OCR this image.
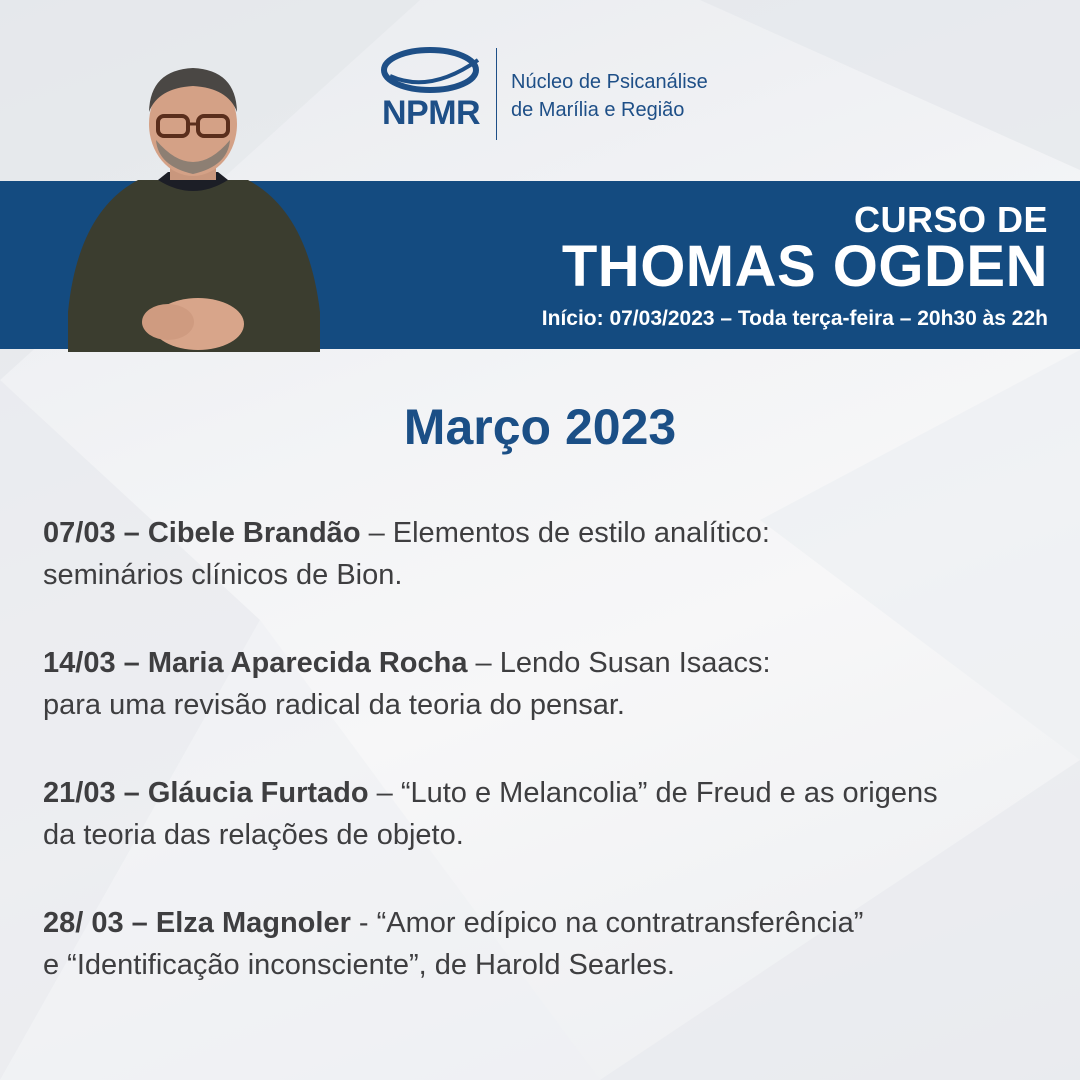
NPMR
Núcleo de Psicanálise
de Marília e Região
CURSO DE
THOMAS OGDEN
Início: 07/03/2023 – Toda terça-feira – 20h30 às 22h
Março 2023
07/03 – Cibele Brandão – Elementos de estilo analítico:
seminários clínicos de Bion.
14/03 – Maria Aparecida Rocha – Lendo Susan Isaacs:
para uma revisão radical da teoria do pensar.
21/03 – Gláucia Furtado – “Luto e Melancolia” de Freud e as origens
da teoria das relações de objeto.
28/ 03 – Elza Magnoler - “Amor edípico na contratransferência”
e “Identificação inconsciente”, de Harold Searles.
